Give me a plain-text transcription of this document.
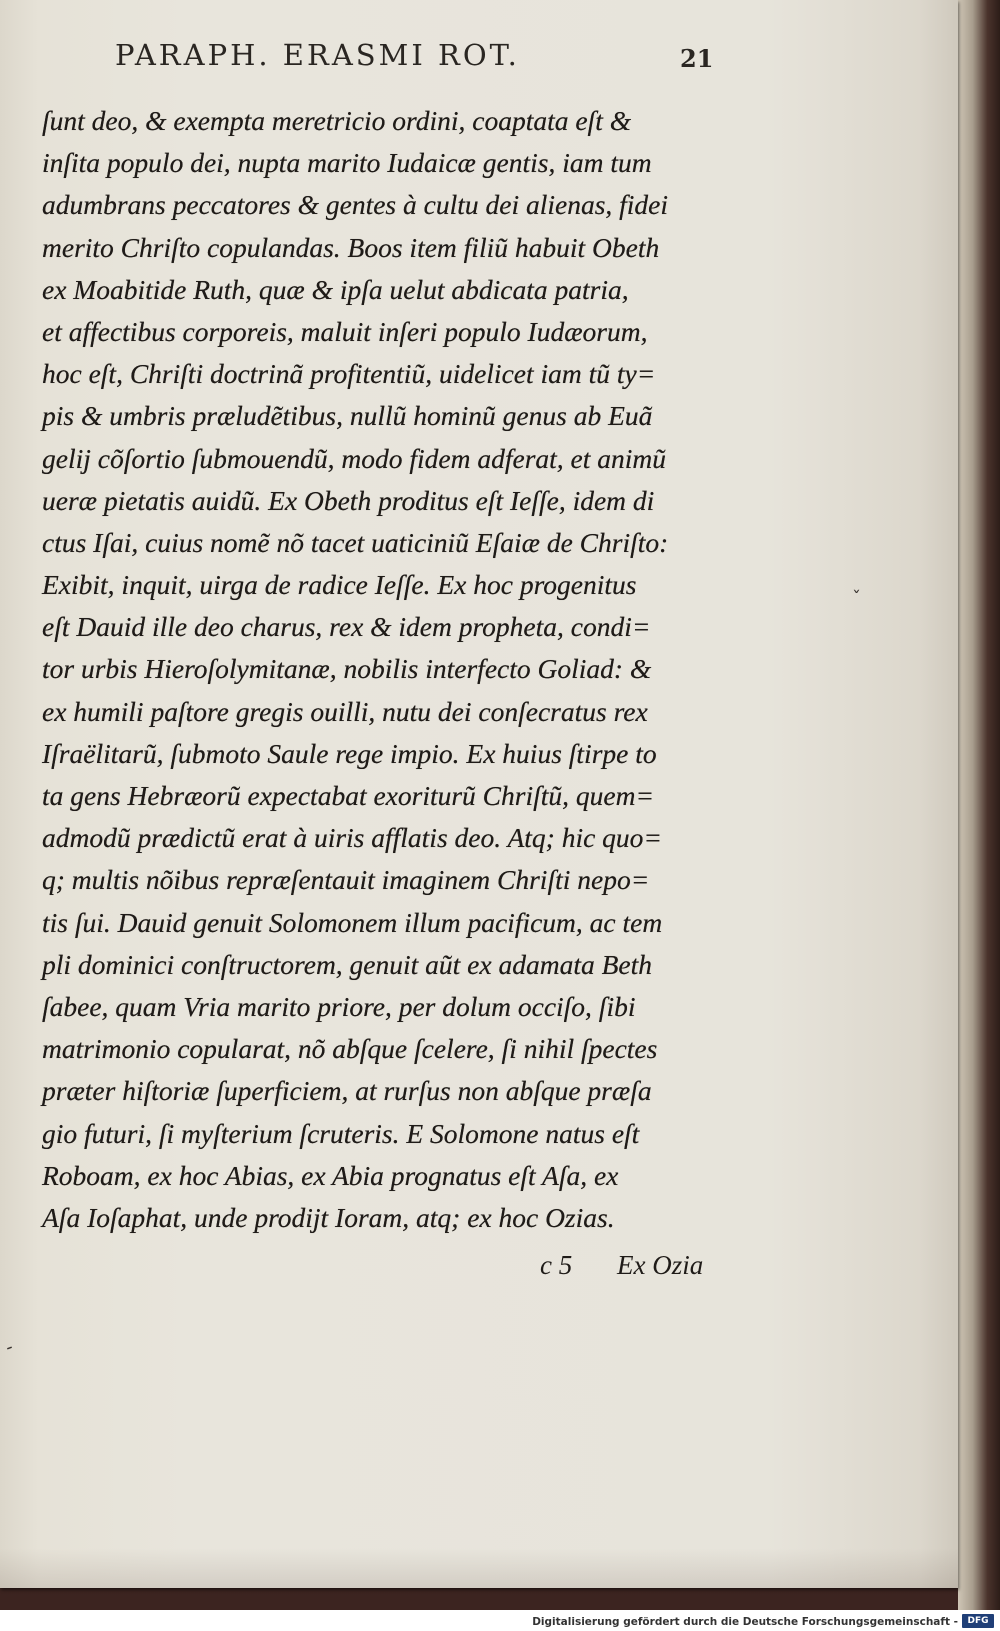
PARAPH. ERASMI ROT.	21
ſunt deo, & exempta meretricio ordini, coaptata eſt &
inſita populo dei, nupta marito Iudaicæ gentis, iam tum
adumbrans peccatores & gentes à cultu dei alienas, fidei
merito Chriſto copulandas. Boos item filiũ habuit Obeth
ex Moabitide Ruth, quæ & ipſa uelut abdicata patria,
et affectibus corporeis, maluit inſeri populo Iudæorum,
hoc eſt, Chriſti doctrinã profitentiũ, uidelicet iam tũ ty=
pis & umbris præludẽtibus, nullũ hominũ genus ab Euã
gelij cõſortio ſubmouendũ, modo fidem adferat, et animũ
ueræ pietatis auidũ. Ex Obeth proditus eſt Ieſſe, idem di
ctus Iſai, cuius nomẽ nõ tacet uaticiniũ Eſaiæ de Chriſto:
Exibit, inquit, uirga de radice Ieſſe. Ex hoc progenitus
eſt Dauid ille deo charus, rex & idem propheta, condi=
tor urbis Hieroſolymitanæ, nobilis interfecto Goliad: &
ex humili paſtore gregis ouilli, nutu dei conſecratus rex
Iſraëlitarũ, ſubmoto Saule rege impio. Ex huius ſtirpe to
ta gens Hebræorũ expectabat exoriturũ Chriſtũ, quem=
admodũ prædictũ erat à uiris afflatis deo. Atq; hic quo=
q; multis nõibus repræſentauit imaginem Chriſti nepo=
tis ſui. Dauid genuit Solomonem illum pacificum, ac tem
pli dominici conſtructorem, genuit aũt ex adamata Beth
ſabee, quam Vria marito priore, per dolum occiſo, ſibi
matrimonio copularat, nõ abſque ſcelere, ſi nihil ſpectes
præter hiſtoriæ ſuperficiem, at rurſus non abſque præſa
gio futuri, ſi myſterium ſcruteris. E Solomone natus eſt
Roboam, ex hoc Abias, ex Abia prognatus eſt Aſa, ex
Aſa Ioſaphat, unde prodijt Ioram, atq; ex hoc Ozias.
c 5 Ex Ozia
ˇ
‐
Digitalisierung gefördert durch die Deutsche Forschungsgemeinschaft -	DFG
